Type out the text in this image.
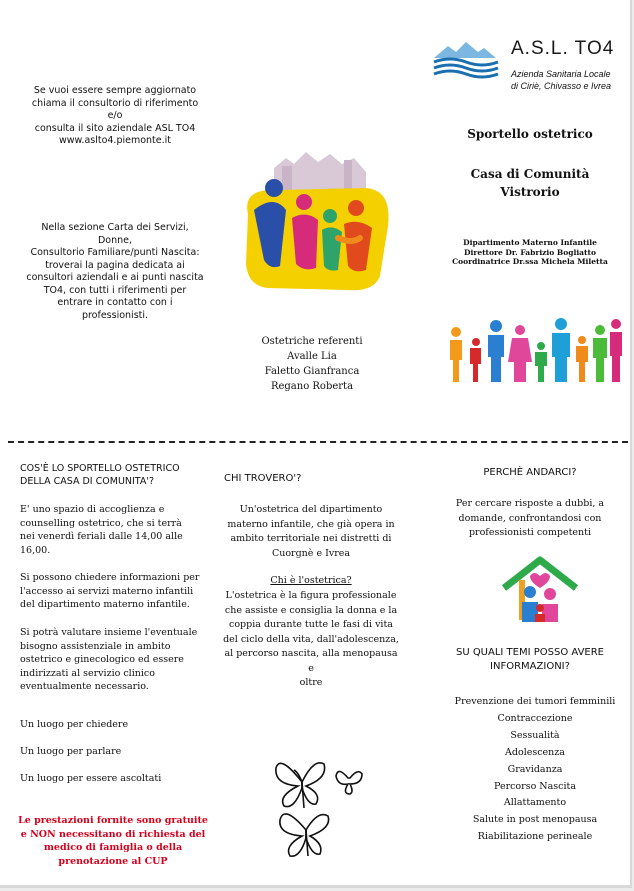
Se vuoi essere sempre aggiornato
chiama il consultorio di riferimento
e/o
consulta il sito aziendale ASL TO4
www.aslto4.piemonte.it
Nella sezione Carta dei Servizi,
Donne,
Consultorio Familiare/punti Nascita:
troverai la pagina dedicata ai
consultori aziendali e ai punti nascita
TO4, con tutti i riferimenti per
entrare in contatto con i
professionisti.
Ostetriche referenti
Avalle Lia
Faletto Gianfranca
Regano Roberta
A.S.L. TO4
Azienda Sanitaria Locale
di Ciriè, Chivasso e Ivrea
Sportello ostetrico
Casa di Comunità
Vistrorio
Dipartimento Materno Infantile
Direttore Dr. Fabrizio Bogliatto
Coordinatrice Dr.ssa Michela Miletta
COS'È LO SPORTELLO OSTETRICO
DELLA CASA DI COMUNITA'?
E' uno spazio di accoglienza e
counselling ostetrico, che si terrà
nei venerdì feriali dalle 14,00 alle
16,00.
Si possono chiedere informazioni per
l'accesso ai servizi materno infantili
del dipartimento materno infantile.
Si potrà valutare insieme l'eventuale
bisogno assistenziale in ambito
ostetrico e ginecologico ed essere
indirizzati al servizio clinico
eventualmente necessario.
Un luogo per chiedere
Un luogo per parlare
Un luogo per essere ascoltati
Le prestazioni fornite sono gratuite
e NON necessitano di richiesta del
medico di famiglia o della
prenotazione al CUP
CHI TROVERO'?
Un'ostetrica del dipartimento
materno infantile, che già opera in
ambito territoriale nei distretti di
Cuorgnè e Ivrea
Chi è l'ostetrica?
L'ostetrica è la figura professionale
che assiste e consiglia la donna e la
coppia durante tutte le fasi di vita
del ciclo della vita, dall'adolescenza,
al percorso nascita, alla menopausa e
oltre
PERCHÈ ANDARCI?
Per cercare risposte a dubbi, a
domande, confrontandosi con
professionisti competenti
SU QUALI TEMI POSSO AVERE
INFORMAZIONI?
Prevenzione dei tumori femminili
Contraccezione
Sessualità
Adolescenza
Gravidanza
Percorso Nascita
Allattamento
Salute in post menopausa
Riabilitazione perineale
